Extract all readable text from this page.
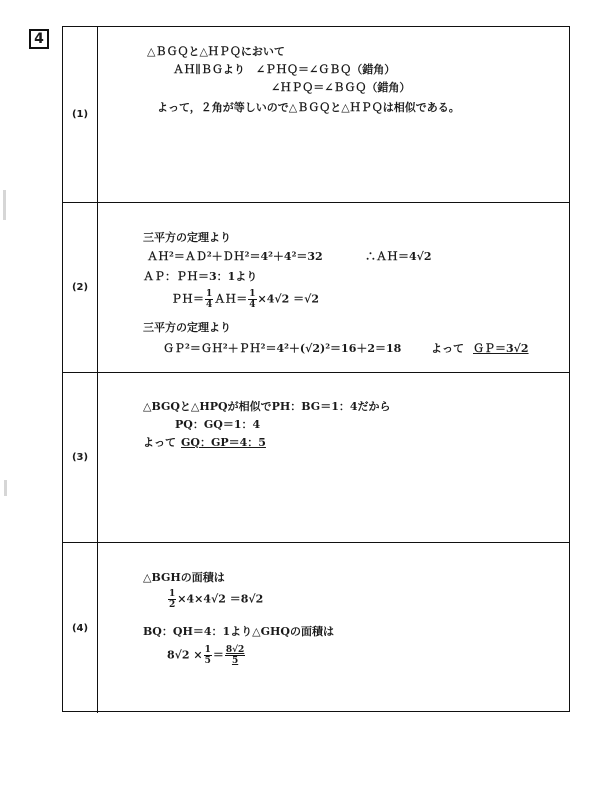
4
(1)
△ＢＧＱと△ＨＰＱにおいて
ＡＨ∥ＢＧより　∠ＰＨＱ＝∠ＧＢＱ（錯角）
∠ＨＰＱ＝∠ＢＧＱ（錯角）
よって，２角が等しいので△ＢＧＱと△ＨＰＱは相似である。
(2)
三平方の定理より
ＡＨ²＝ＡＤ²＋ＤＨ²＝4²＋4²＝32	∴ＡＨ＝4√2
ＡＰ：ＰＨ＝3：1より
ＰＨ＝ $\frac{1}{4}$ ＡＨ＝ $\frac{1}{4} \times 4√2 =√2$
三平方の定理より
ＧＰ²＝ＧＨ²＋ＰＨ²＝4²＋(√2)²＝16＋2＝18	よって ＧＰ＝3√2
(3)
△BGQと△HPQが相似でPH：BG＝1：4だから
PQ：GQ＝1：4
よって GQ：GP＝4：5
(4)
△BGHの面積は
$\frac{1}{2} \times 4\times 4√2 =8√2$
BQ：QH＝4：1より△GHQの面積は
$8√2 \times \frac{1}{5} = \frac{8√2}{5}$
